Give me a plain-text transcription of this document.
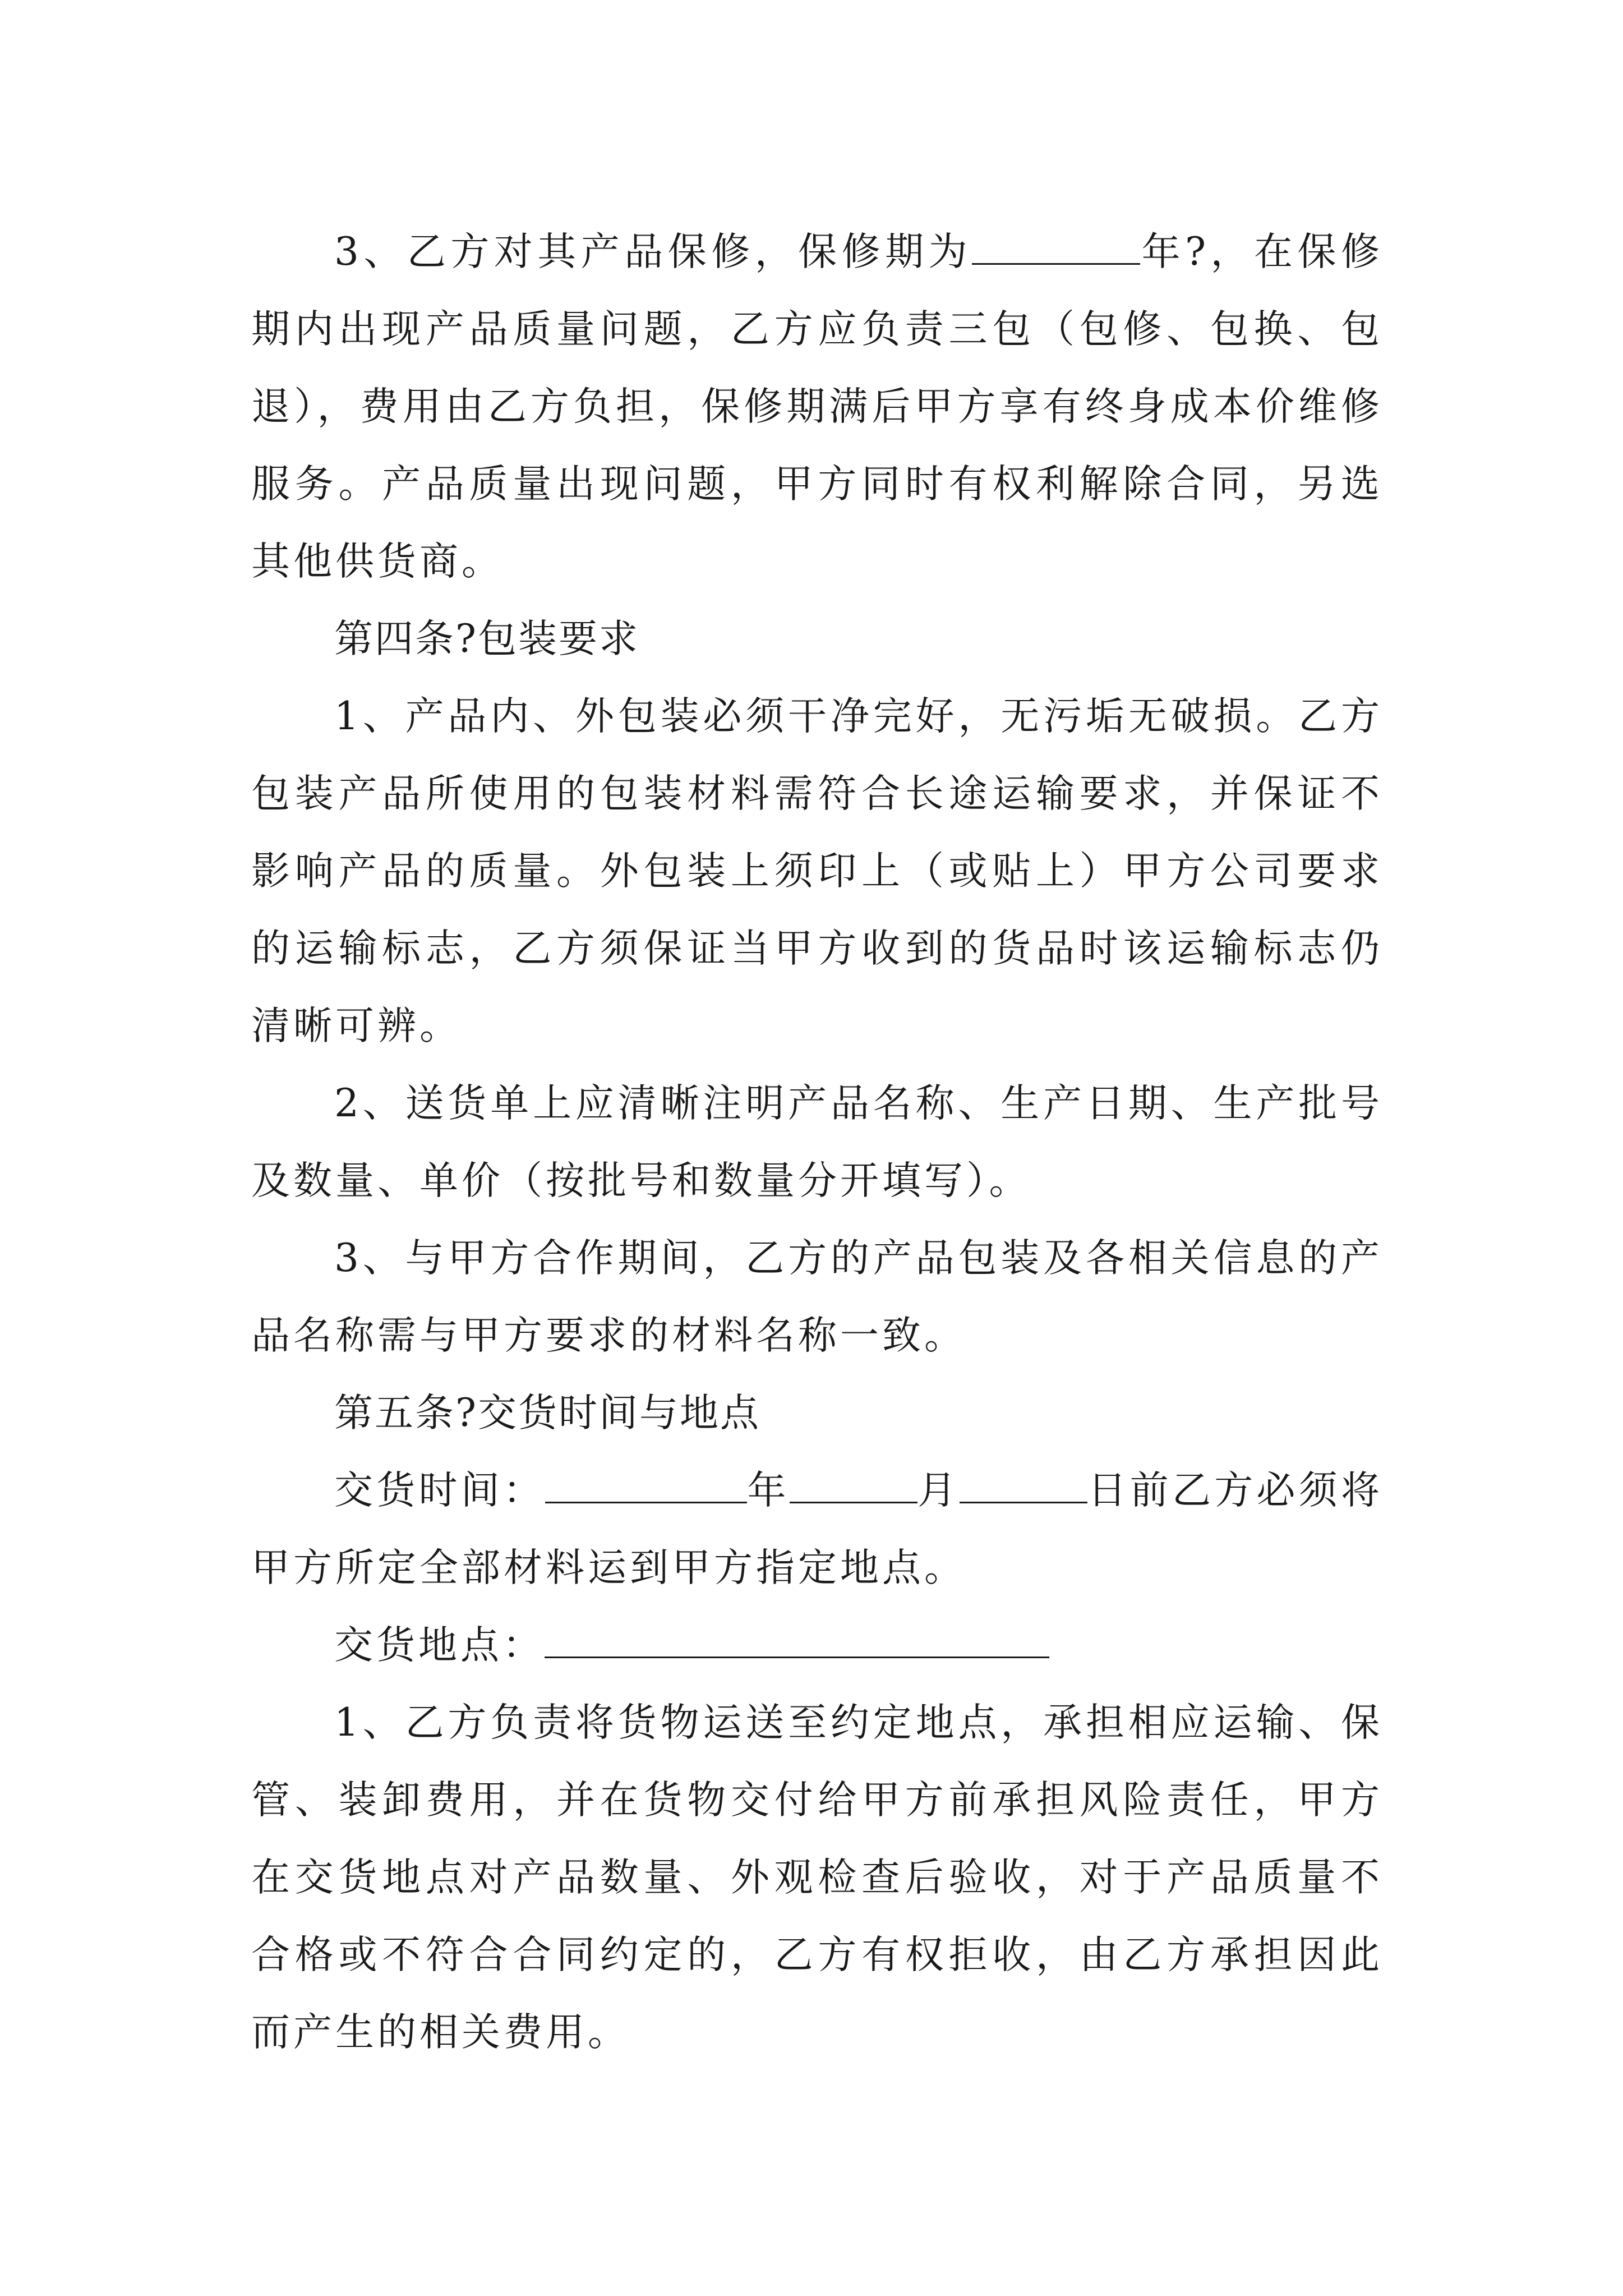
3、乙方对其产品保修，保修期为	年?，在保修期内出现产品质量问题，乙方应负责三包（包修、包换、包退），费用由乙方负担，保修期满后甲方享有终身成本价维修服务。产品质量出现问题，甲方同时有权利解除合同，另选其他供货商。

第四条?包装要求

1、产品内、外包装必须干净完好，无污垢无破损。乙方包装产品所使用的包装材料需符合长途运输要求，并保证不影响产品的质量。外包装上须印上（或贴上）甲方公司要求的运输标志，乙方须保证当甲方收到的货品时该运输标志仍清晰可辨。

2、送货单上应清晰注明产品名称、生产日期、生产批号及数量、单价（按批号和数量分开填写）。

3、与甲方合作期间，乙方的产品包装及各相关信息的产品名称需与甲方要求的材料名称一致。

第五条?交货时间与地点

交货时间：	年	月	日前乙方必须将甲方所定全部材料运到甲方指定地点。

交货地点：

1、乙方负责将货物运送至约定地点，承担相应运输、保管、装卸费用，并在货物交付给甲方前承担风险责任，甲方在交货地点对产品数量、外观检查后验收，对于产品质量不合格或不符合合同约定的，乙方有权拒收，由乙方承担因此而产生的相关费用。
